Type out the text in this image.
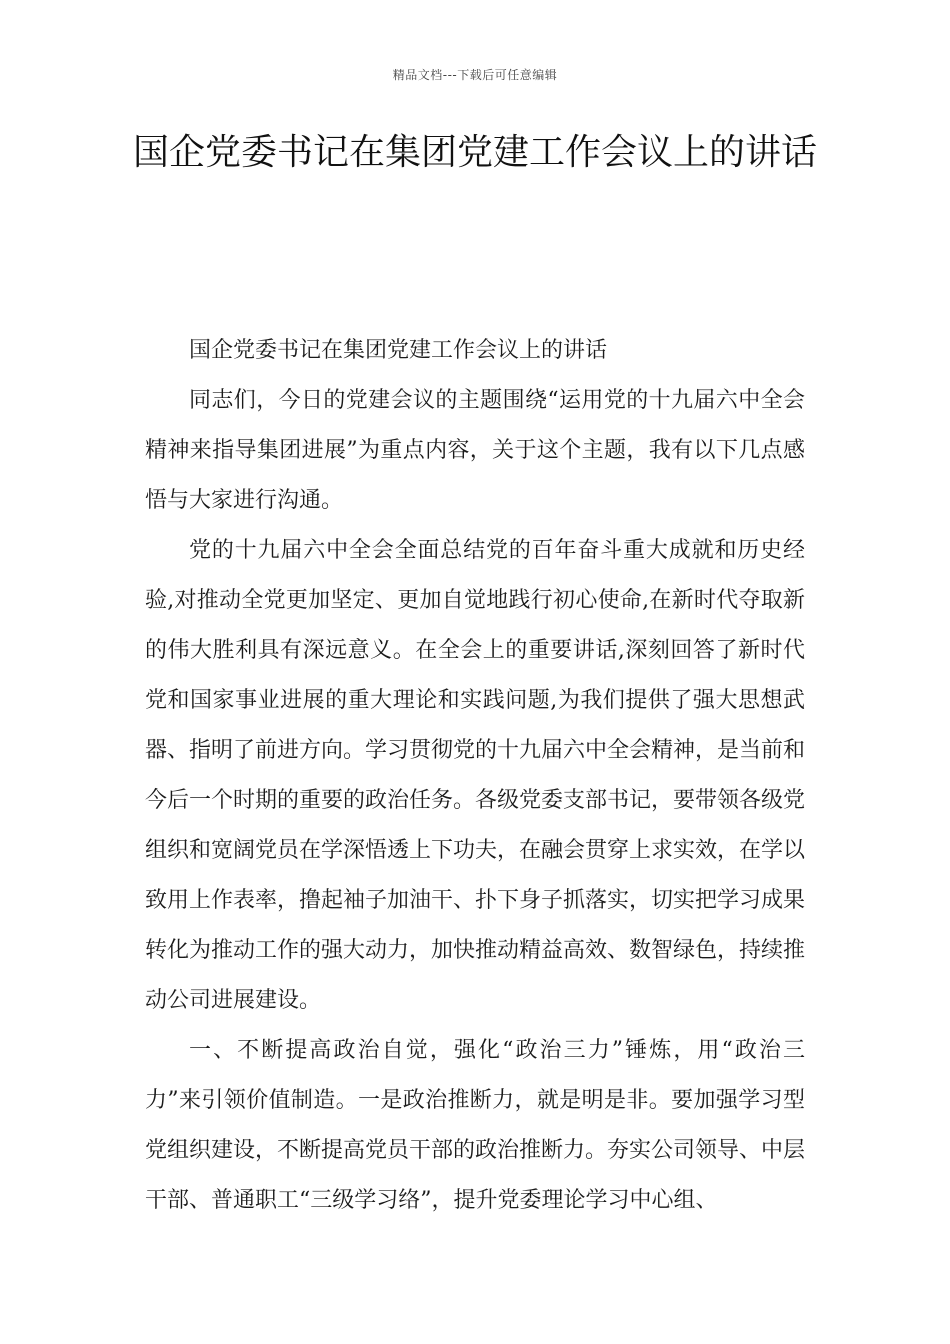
精品文档---下载后可任意编辑
国企党委书记在集团党建工作会议上的讲话

国企党委书记在集团党建工作会议上的讲话

同志们，今日的党建会议的主题围绕“运用党的十九届六中全会精神来指导集团进展”为重点内容，关于这个主题，我有以下几点感悟与大家进行沟通。

党的十九届六中全会全面总结党的百年奋斗重大成就和历史经验,对推动全党更加坚定、更加自觉地践行初心使命,在新时代夺取新的伟大胜利具有深远意义。在全会上的重要讲话,深刻回答了新时代党和国家事业进展的重大理论和实践问题,为我们提供了强大思想武器、指明了前进方向。学习贯彻党的十九届六中全会精神，是当前和今后一个时期的重要的政治任务。各级党委支部书记，要带领各级党组织和宽阔党员在学深悟透上下功夫，在融会贯穿上求实效，在学以致用上作表率，撸起袖子加油干、扑下身子抓落实，切实把学习成果转化为推动工作的强大动力，加快推动精益高效、数智绿色，持续推动公司进展建设。

一、不断提高政治自觉，强化“政治三力”锤炼，用“政治三力”来引领价值制造。一是政治推断力，就是明是非。要加强学习型党组织建设，不断提高党员干部的政治推断力。夯实公司领导、中层干部、普通职工“三级学习络”，提升党委理论学习中心组、
